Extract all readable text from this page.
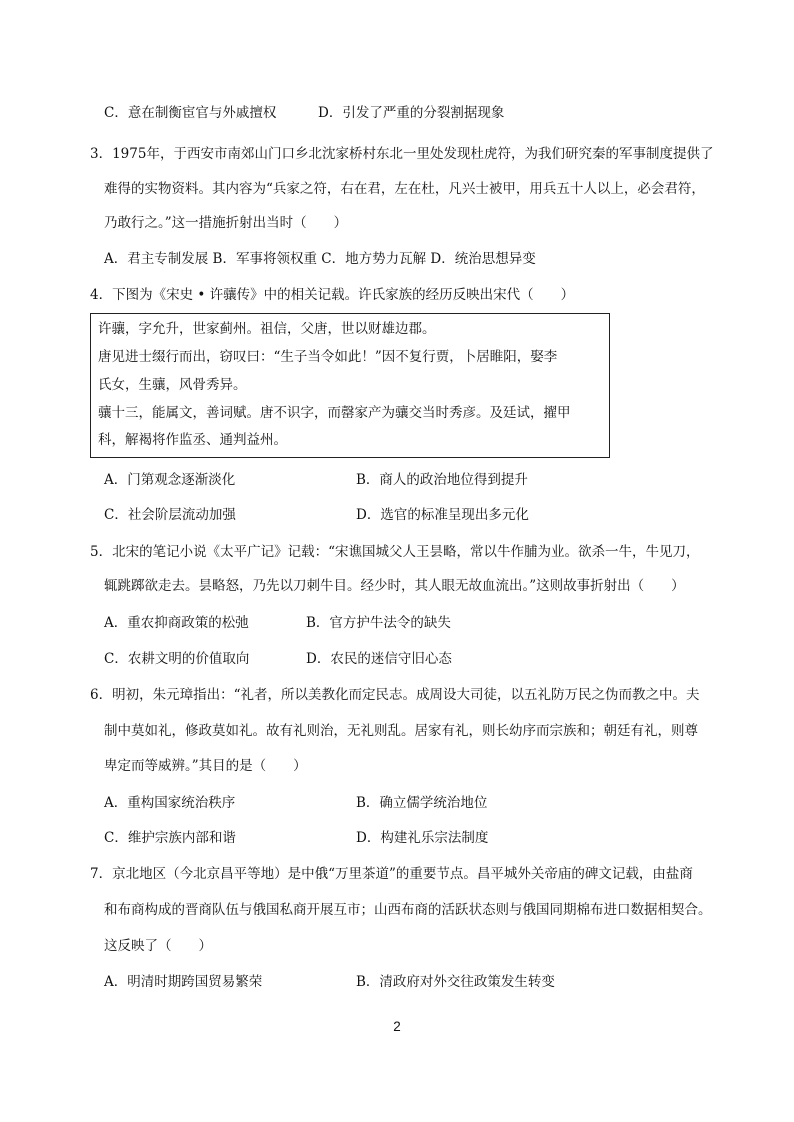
C．意在制衡宦官与外戚擅权	D．引发了严重的分裂割据现象
3．1975年，于西安市南郊山门口乡北沈家桥村东北一里处发现杜虎符，为我们研究秦的军事制度提供了
难得的实物资料。其内容为“兵家之符，右在君，左在杜，凡兴士被甲，用兵五十人以上，必会君符，
乃敢行之。”这一措施折射出当时（　　）
A．君主专制发展 B．军事将领权重 C．地方势力瓦解 D．统治思想异变
4．下图为《宋史 • 许骧传》中的相关记载。许氏家族的经历反映出宋代（　　）
许骧，字允升，世家蓟州。祖信，父唐，世以财雄边郡。
唐见进士缀行而出，窃叹曰：“生子当令如此！”因不复行贾，卜居睢阳，娶李
氏女，生骧，风骨秀异。
骧十三，能属文，善词赋。唐不识字，而罄家产为骧交当时秀彦。及廷试，擢甲
科，解褐将作监丞、通判益州。
A．门第观念逐渐淡化	B．商人的政治地位得到提升
C．社会阶层流动加强	D．选官的标准呈现出多元化
5．北宋的笔记小说《太平广记》记载：“宋谯国城父人王昙略，常以牛作脯为业。欲杀一牛，牛见刀，
辄跳踯欲走去。昙略怒，乃先以刀刺牛目。经少时，其人眼无故血流出。”这则故事折射出（　　）
A．重农抑商政策的松弛	B．官方护牛法令的缺失
C．农耕文明的价值取向	D．农民的迷信守旧心态
6．明初，朱元璋指出：“礼者，所以美教化而定民志。成周设大司徒，以五礼防万民之伪而教之中。夫
制中莫如礼，修政莫如礼。故有礼则治，无礼则乱。居家有礼，则长幼序而宗族和；朝廷有礼，则尊
卑定而等威辨。”其目的是（　　）
A．重构国家统治秩序	B．确立儒学统治地位
C．维护宗族内部和谐	D．构建礼乐宗法制度
7．京北地区（今北京昌平等地）是中俄“万里茶道”的重要节点。昌平城外关帝庙的碑文记载，由盐商
和布商构成的晋商队伍与俄国私商开展互市；山西布商的活跃状态则与俄国同期棉布进口数据相契合。
这反映了（　　）
A．明清时期跨国贸易繁荣	B．清政府对外交往政策发生转变
2
